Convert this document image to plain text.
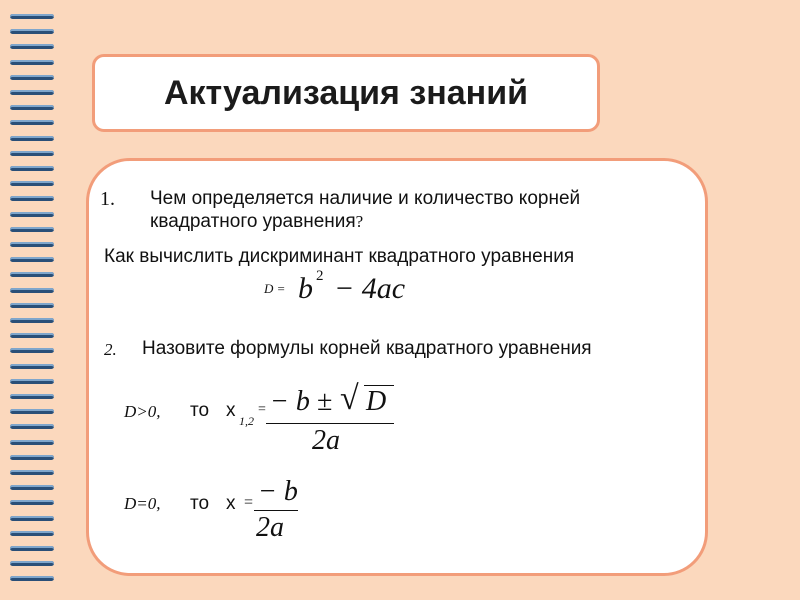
Актуализация знаний
1. Чем определяется наличие и количество корней
квадратного уравнения?
Как вычислить дискриминант квадратного уравнения
D = b 2 − 4ac
2. Назовите формулы корней квадратного уравнения
D>0, то x 1,2
= − b ± √ D
2a
D=0, то x = − b
2a
